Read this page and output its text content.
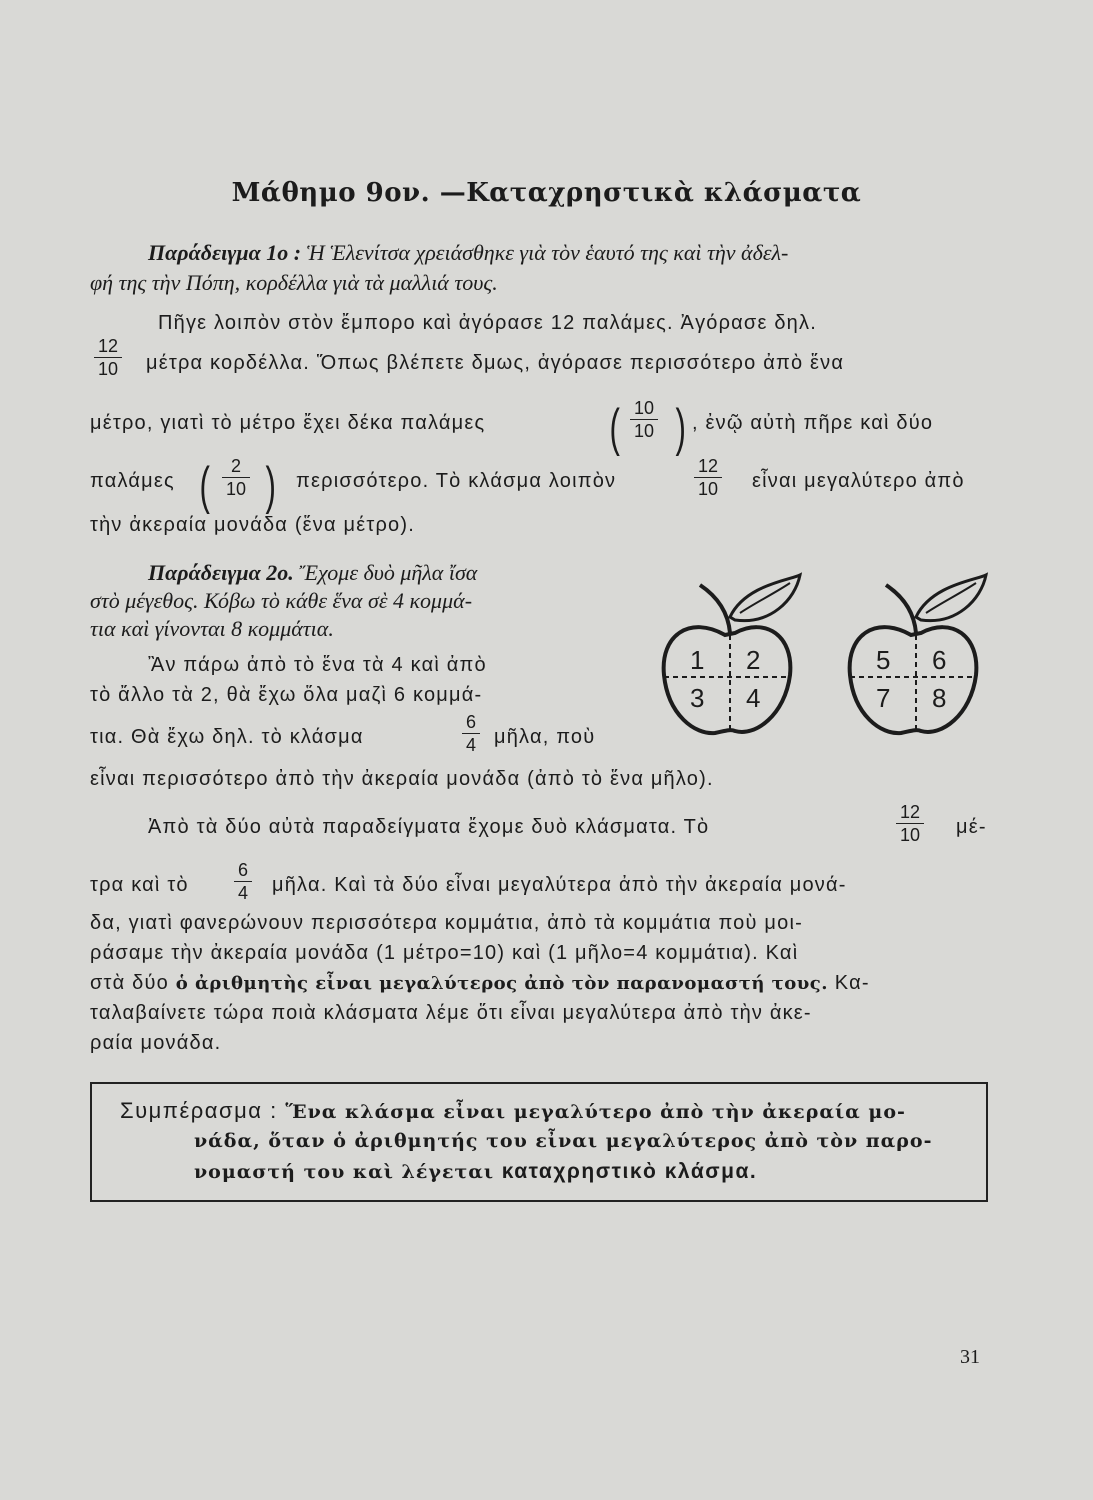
Μάθημο 9ον. —Καταχρηστικὰ κλάσματα
Παράδειγμα 1ο : Ἡ Ἑλενίτσα χρειάσθηκε γιὰ τὸν ἑαυτό της καὶ τὴν ἀδελ-
φή της τὴν Πόπη, κορδέλλα γιὰ τὰ μαλλιά τους.
Πῆγε λοιπὸν στὸν ἔμπορο καὶ ἀγόρασε 12 παλάμες. Ἀγόρασε δηλ.
12
10 μέτρα κορδέλλα. Ὅπως βλέπετε δμως, ἀγόρασε περισσότερο ἀπὸ ἕνα
μέτρο, γιατὶ τὸ μέτρο ἔχει δέκα παλάμες ( 10
10 ) , ἐνῷ αὐτὴ πῆρε καὶ δύο
παλάμες (	2
10 ) περισσότερο. Τὸ κλάσμα λοιπὸν
12
10 εἶναι μεγαλύτερο ἀπὸ
τὴν ἀκεραία μονάδα (ἕνα μέτρο).
Παράδειγμα 2ο. Ἔχομε δυὸ μῆλα ἴσα
στὸ μέγεθος. Κόβω τὸ κάθε ἕνα σὲ 4 κομμά-
τια καὶ γίνονται 8 κομμάτια.
Ἂν πάρω ἀπὸ τὸ ἕνα τὰ 4 καὶ ἀπὸ
τὸ ἄλλο τὰ 2, θὰ ἔχω ὅλα μαζὶ 6 κομμά-
τια. Θὰ ἔχω δηλ. τὸ κλάσμα
6
4 μῆλα, ποὺ
εἶναι περισσότερο ἀπὸ τὴν ἀκεραία μονάδα (ἀπὸ τὸ ἕνα μῆλο).
1 2
3 4
5 6
7 8
Ἀπὸ τὰ δύο αὐτὰ παραδείγματα ἔχομε δυὸ κλάσματα. Τὸ
12
10 μέ-
τρα καὶ τὸ
6
4 μῆλα. Καὶ τὰ δύο εἶναι μεγαλύτερα ἀπὸ τὴν ἀκεραία μονά-
δα, γιατὶ φανερώνουν περισσότερα κομμάτια, ἀπὸ τὰ κομμάτια ποὺ μοι-
ράσαμε τὴν ἀκεραία μονάδα (1 μέτρο=10) καὶ (1 μῆλο=4 κομμάτια). Καὶ
στὰ δύο ὁ ἀριθμητὴς εἶναι μεγαλύτερος ἀπὸ τὸν παρανομαστή τους. Κα-
ταλαβαίνετε τώρα ποιὰ κλάσματα λέμε ὅτι εἶναι μεγαλύτερα ἀπὸ τὴν ἀκε-
ραία μονάδα.
Συμπέρασμα : Ἕνα κλάσμα εἶναι μεγαλύτερο ἀπὸ τὴν ἀκεραία μο-
νάδα, ὅταν ὁ ἀριθμητής του εἶναι μεγαλύτερος ἀπὸ τὸν παρο-
νομαστή του καὶ λέγεται καταχρηστικὸ κλάσμα.
31
